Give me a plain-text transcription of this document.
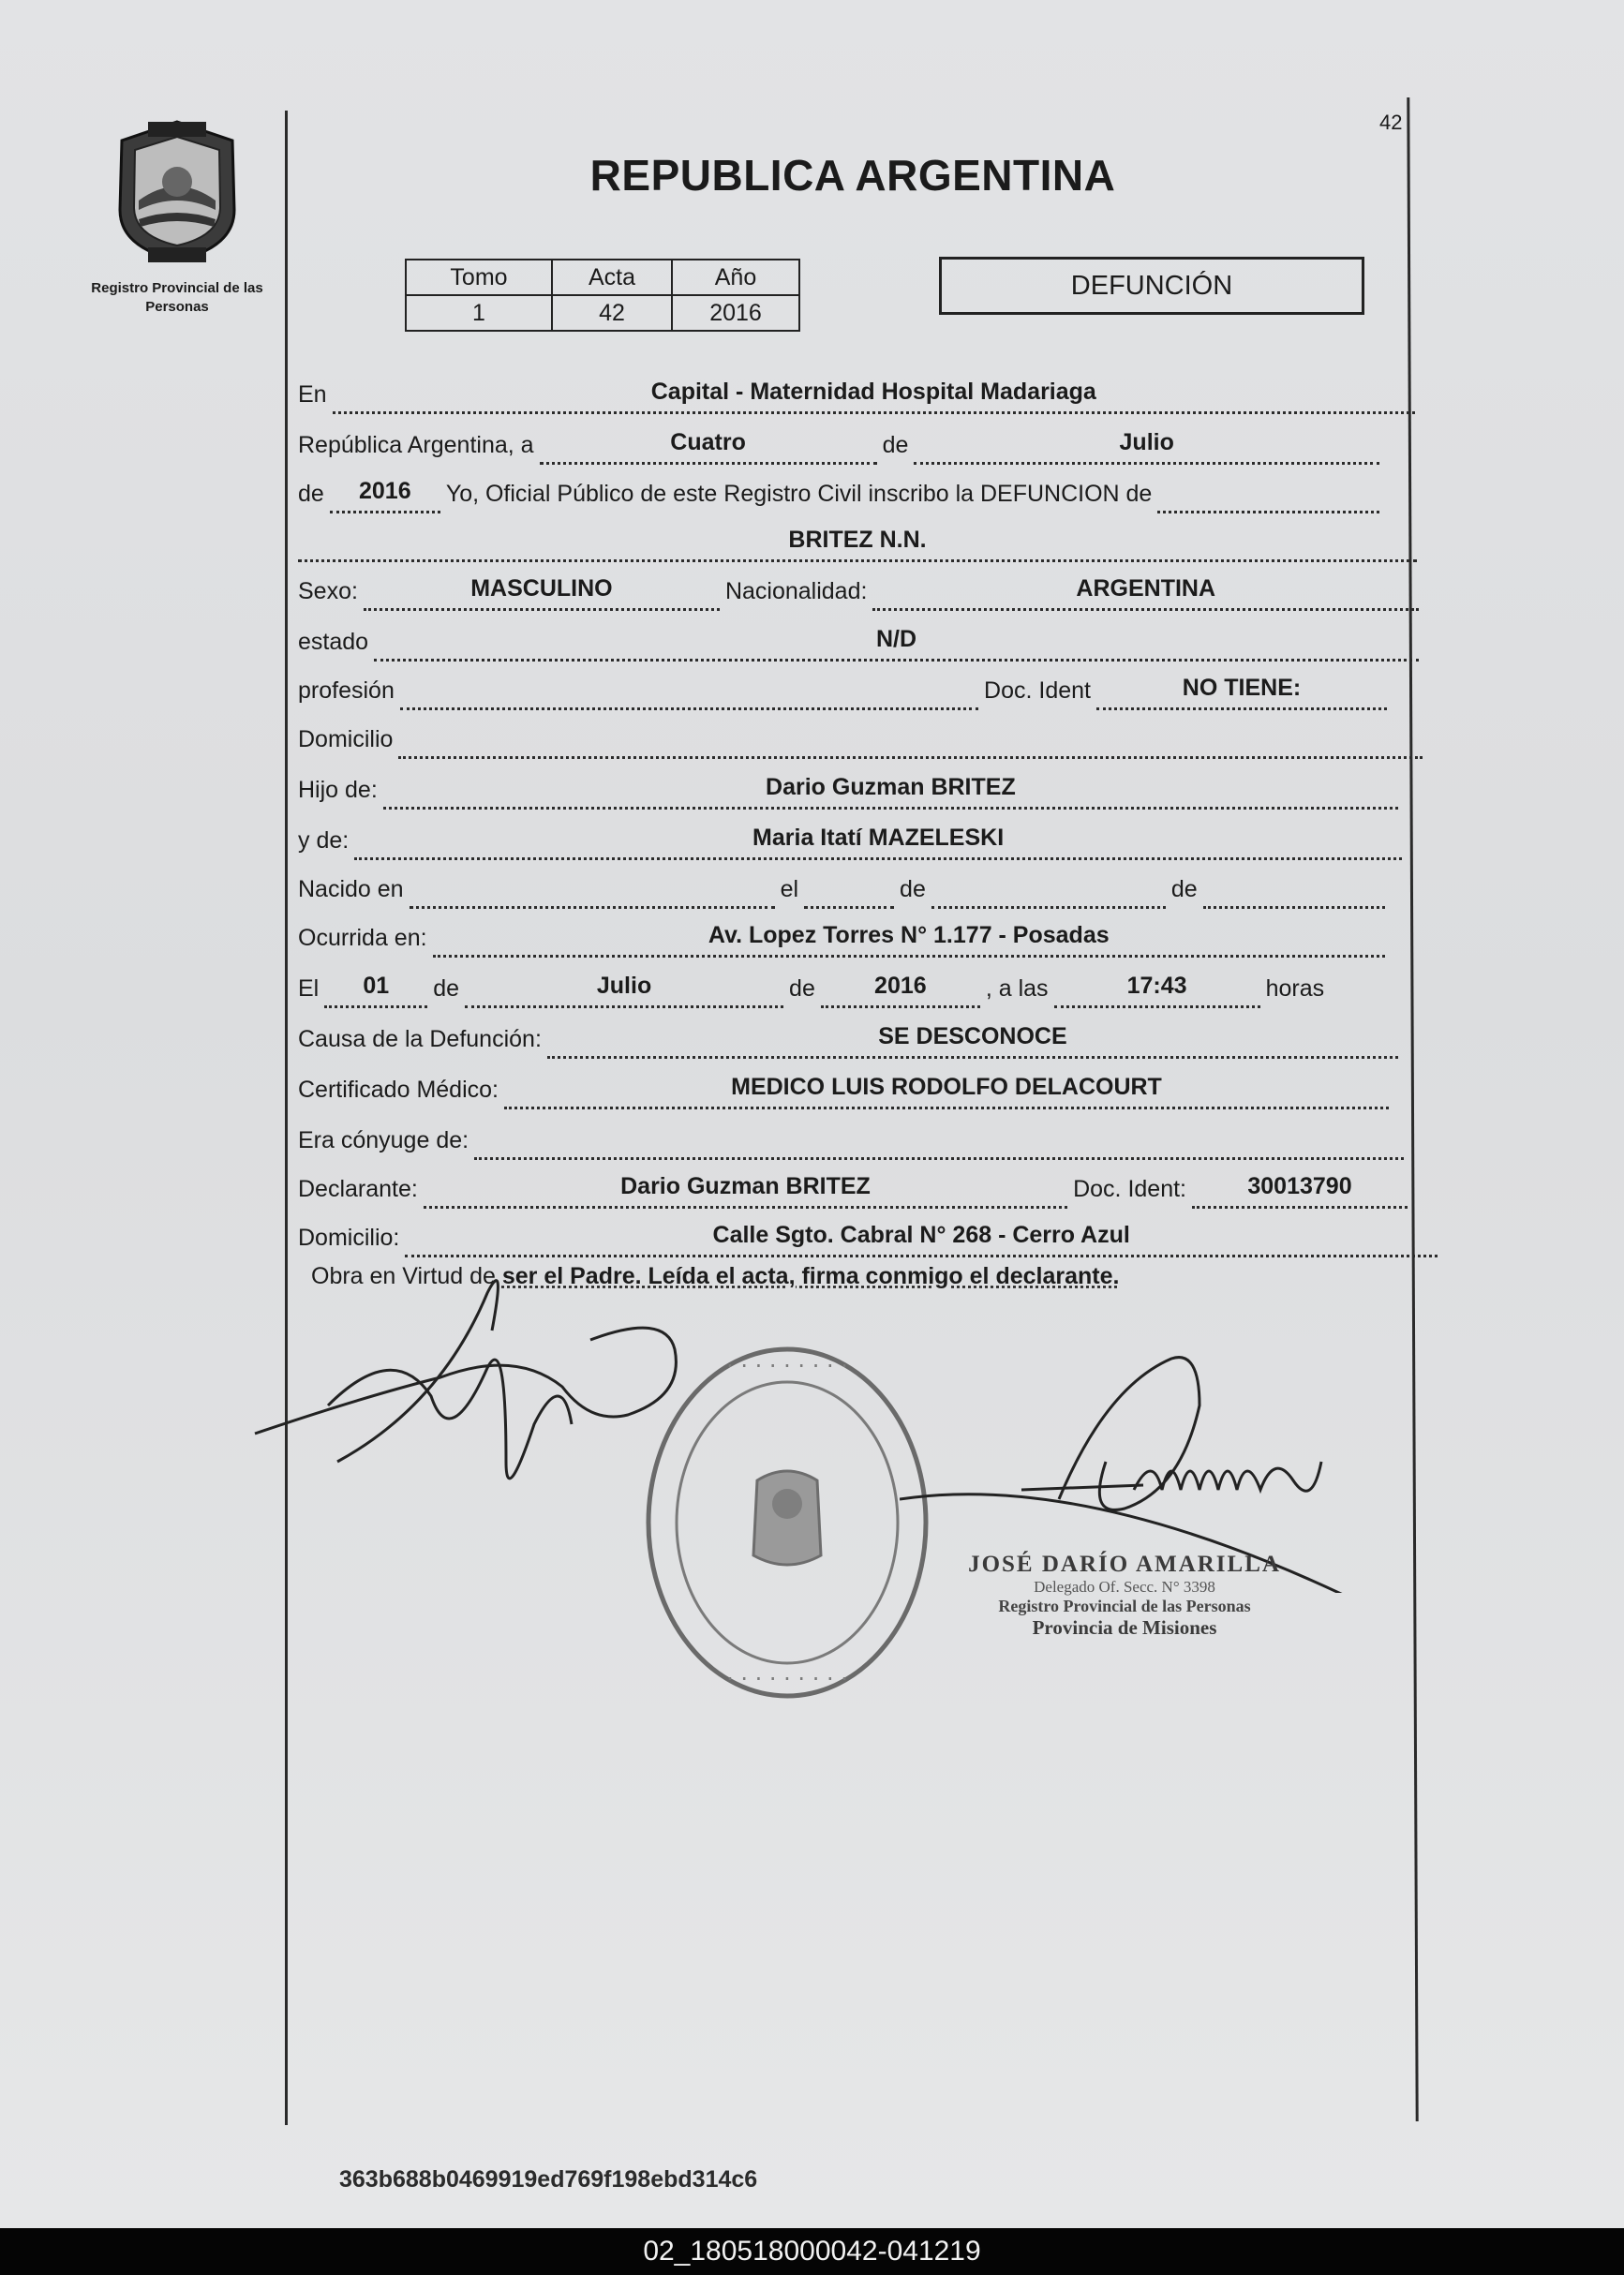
Registro Provincial de las Personas
42
REPUBLICA ARGENTINA
Tomo	Acta	Año
1	42	2016
DEFUNCIÓN
En	Capital - Maternidad Hospital Madariaga
República Argentina, a	Cuatro	de	Julio
de	2016	Yo, Oficial Público de este Registro Civil inscribo la DEFUNCION de
BRITEZ N.N.
Sexo:	MASCULINO	Nacionalidad:	ARGENTINA
estado	N/D
profesión	Doc. Ident	NO TIENE:
Domicilio
Hijo de:	Dario Guzman BRITEZ
y de:	Maria Itatí MAZELESKI
Nacido en	el	de	de
Ocurrida en:	Av. Lopez Torres N° 1.177 - Posadas
El	01	de	Julio	de	2016	, a las	17:43	horas
Causa de la Defunción:	SE DESCONOCE
Certificado Médico:	MEDICO LUIS RODOLFO DELACOURT
Era cónyuge de:
Declarante:	Dario Guzman BRITEZ	Doc. Ident:	30013790
Domicilio:	Calle Sgto. Cabral N° 268 - Cerro Azul
Obra en Virtud de ser el Padre. Leída el acta, firma conmigo el declarante.
· · · · · · · · ·
· · · · · · · · ·
JOSÉ DARÍO AMARILLA
Delegado Of. Secc. N° 3398
Registro Provincial de las Personas
Provincia de Misiones
363b688b0469919ed769f198ebd314c6
02_180518000042-041219
